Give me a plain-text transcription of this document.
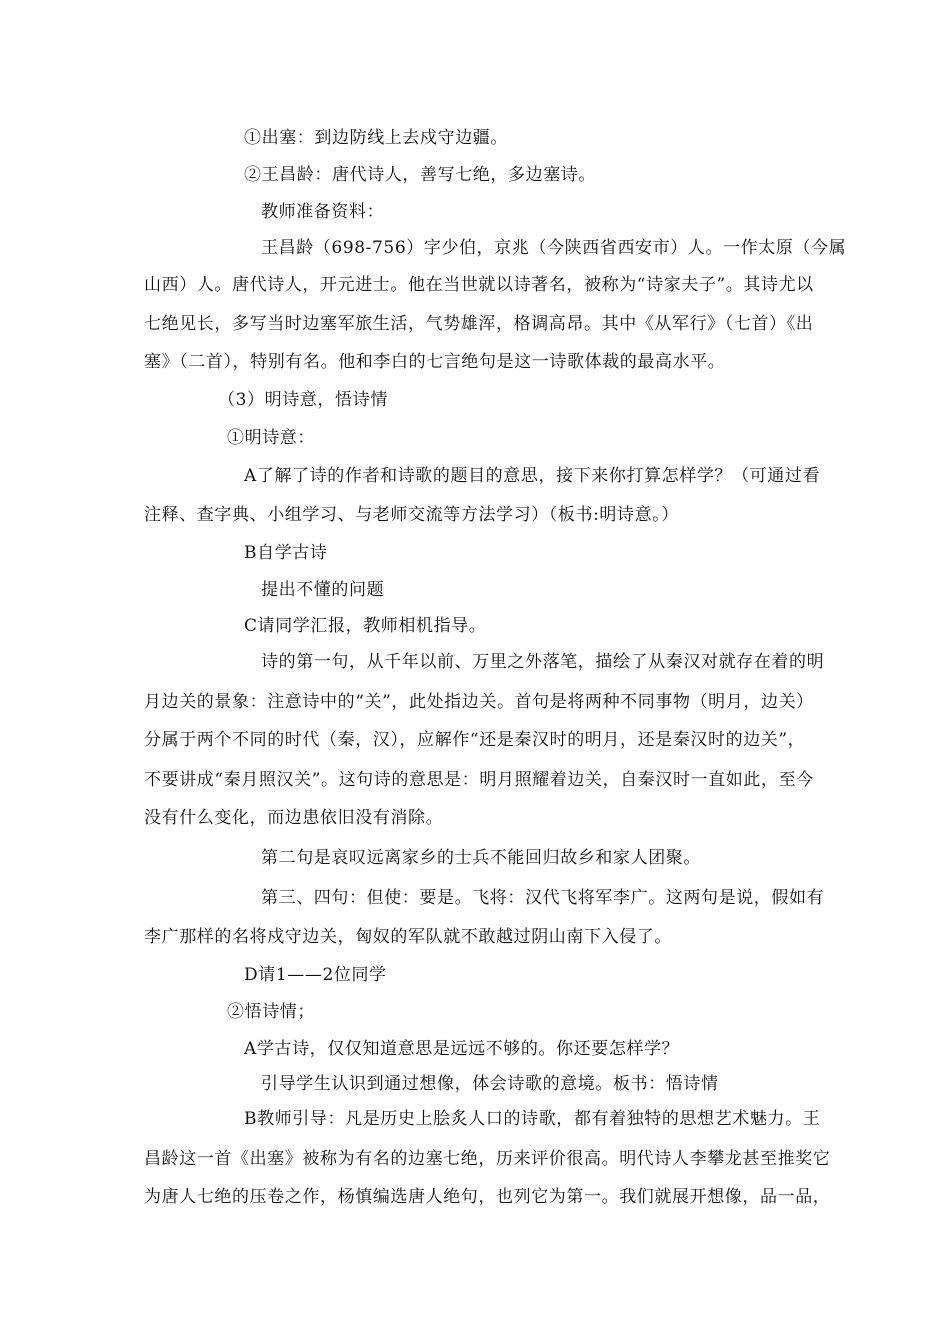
①出塞：到边防线上去戍守边疆。
②王昌龄：唐代诗人，善写七绝，多边塞诗。
教师准备资料：
王昌龄（698-756）字少伯，京兆（今陕西省西安市）人。一作太原（今属
山西）人。唐代诗人，开元进士。他在当世就以诗著名，被称为“诗家夫子”。其诗尤以
七绝见长，多写当时边塞军旅生活，气势雄浑，格调高昂。其中《从军行》（七首）《出
塞》（二首），特别有名。他和李白的七言绝句是这一诗歌体裁的最高水平。
（3）明诗意，悟诗情
①明诗意：
A了解了诗的作者和诗歌的题目的意思，接下来你打算怎样学？（可通过看
注释、查字典、小组学习、与老师交流等方法学习）（板书:明诗意。）
B自学古诗
提出不懂的问题
C请同学汇报，教师相机指导。
诗的第一句，从千年以前、万里之外落笔，描绘了从秦汉对就存在着的明
月边关的景象：注意诗中的“关”，此处指边关。首句是将两种不同事物（明月，边关）
分属于两个不同的时代（秦，汉），应解作“还是秦汉时的明月，还是秦汉时的边关”，
不要讲成“秦月照汉关”。这句诗的意思是：明月照耀着边关，自秦汉时一直如此，至今
没有什么变化，而边患依旧没有消除。
第二句是哀叹远离家乡的士兵不能回归故乡和家人团聚。
第三、四句：但使：要是。飞将：汉代飞将军李广。这两句是说，假如有
李广那样的名将戍守边关，匈奴的军队就不敢越过阴山南下入侵了。
D请1——2位同学
②悟诗情；
A学古诗，仅仅知道意思是远远不够的。你还要怎样学？
引导学生认识到通过想像，体会诗歌的意境。板书：悟诗情
B教师引导：凡是历史上脍炙人口的诗歌，都有着独特的思想艺术魅力。王
昌龄这一首《出塞》被称为有名的边塞七绝，历来评价很高。明代诗人李攀龙甚至推奖它
为唐人七绝的压卷之作，杨慎编选唐人绝句，也列它为第一。我们就展开想像，品一品，
